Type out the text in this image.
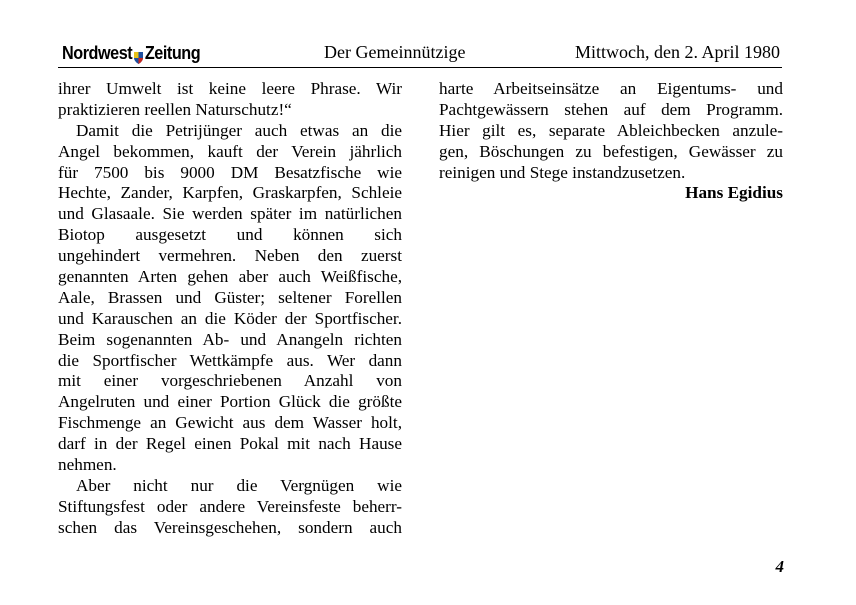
Nordwest Zeitung	Der Gemeinnützige	Mittwoch, den 2. April 1980
ihrer Umwelt ist keine leere Phrase. Wir
praktizieren reellen Naturschutz!“
Damit die Petrijünger auch etwas an die
Angel bekommen, kauft der Verein jährlich
für 7500 bis 9000 DM Besatzfische wie
Hechte, Zander, Karpfen, Graskarpfen, Schleie
und Glasaale. Sie werden später im natürlichen
Biotop ausgesetzt und können sich
ungehindert vermehren. Neben den zuerst
genannten Arten gehen aber auch Weißfische,
Aale, Brassen und Güster; seltener Forellen
und Karauschen an die Köder der Sportfischer.
Beim sogenannten Ab- und Anangeln richten
die Sportfischer Wettkämpfe aus. Wer dann
mit einer vorgeschriebenen Anzahl von
Angelruten und einer Portion Glück die größte
Fischmenge an Gewicht aus dem Wasser holt,
darf in der Regel einen Pokal mit nach Hause
nehmen.
Aber nicht nur die Vergnügen wie
Stiftungsfest oder andere Vereinsfeste beherr-
schen das Vereinsgeschehen, sondern auch
harte Arbeitseinsätze an Eigentums- und
Pachtgewässern stehen auf dem Programm.
Hier gilt es, separate Ableichbecken anzule-
gen, Böschungen zu befestigen, Gewässer zu
reinigen und Stege instandzusetzen.
Hans Egidius
4
